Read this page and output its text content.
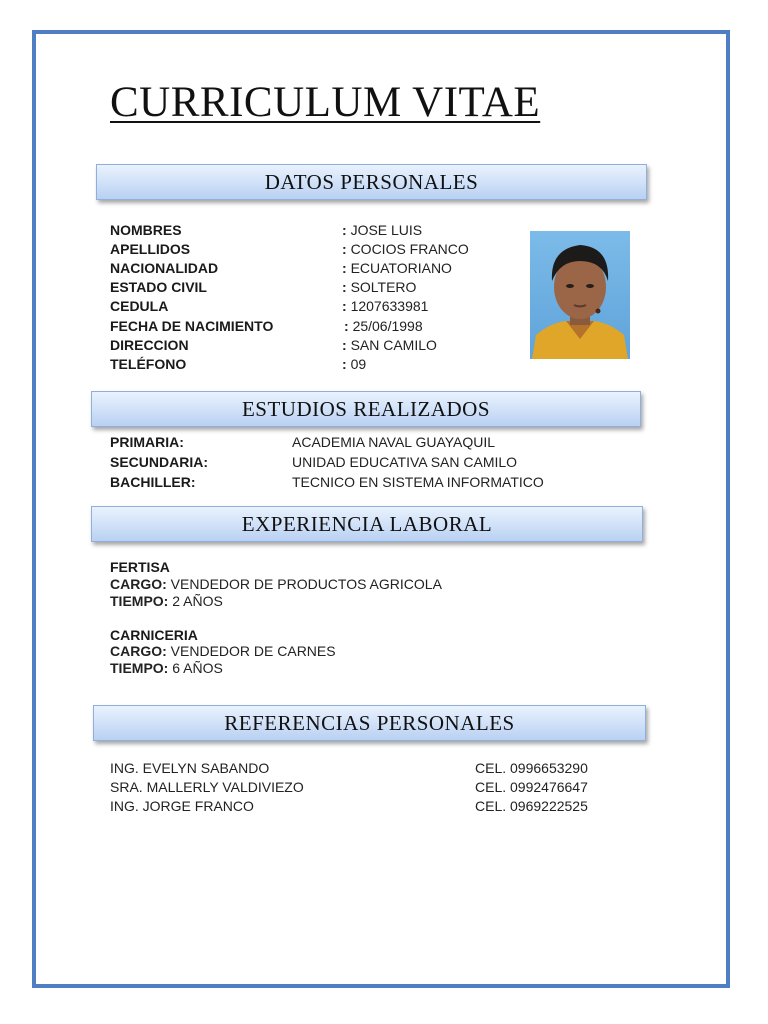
CURRICULUM VITAE
DATOS PERSONALES
NOMBRES	: JOSE LUIS
APELLIDOS	: COCIOS FRANCO
NACIONALIDAD	: ECUATORIANO
ESTADO CIVIL	: SOLTERO
CEDULA	: 1207633981
FECHA DE NACIMIENTO	: 25/06/1998
DIRECCION	: SAN CAMILO
TELÉFONO	: 09
ESTUDIOS REALIZADOS
PRIMARIA:	ACADEMIA NAVAL GUAYAQUIL
SECUNDARIA:	UNIDAD EDUCATIVA SAN CAMILO
BACHILLER:	TECNICO EN SISTEMA INFORMATICO
EXPERIENCIA LABORAL
FERTISA
CARGO: VENDEDOR DE PRODUCTOS AGRICOLA
TIEMPO: 2 AÑOS
CARNICERIA
CARGO: VENDEDOR DE CARNES
TIEMPO: 6 AÑOS
REFERENCIAS PERSONALES
ING. EVELYN SABANDO	CEL. 0996653290
SRA. MALLERLY VALDIVIEZO	CEL. 0992476647
ING. JORGE FRANCO	CEL. 0969222525
